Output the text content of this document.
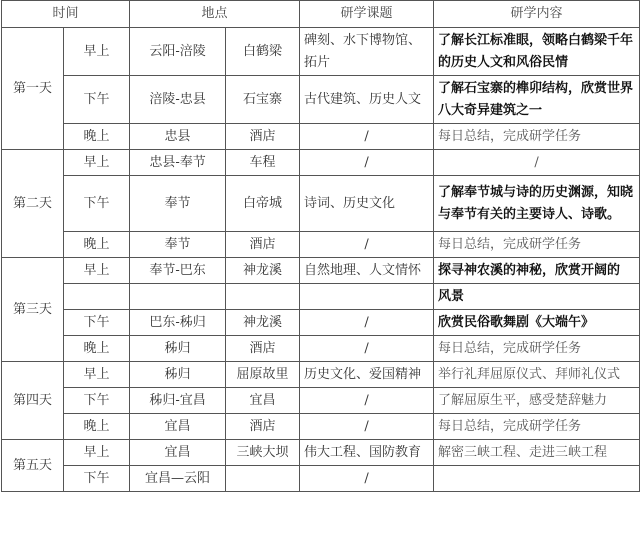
时间		地点		研学课题	研学内容
第一天	早上	云阳-涪陵	白鹤梁	碑刻、水下博物馆、拓片	了解长江标准眼，领略白鹤梁千年的历史人文和风俗民情
	下午	涪陵-忠县	石宝寨	古代建筑、历史人文	了解石宝寨的榫卯结构，欣赏世界八大奇异建筑之一
	晚上	忠县	酒店	/	每日总结，完成研学任务
第二天	早上	忠县-奉节	车程	/	/
	下午	奉节	白帝城	诗词、历史文化	了解奉节城与诗的历史渊源，知晓与奉节有关的主要诗人、诗歌。
	晚上	奉节	酒店	/	每日总结，完成研学任务
第三天	早上	奉节-巴东	神龙溪	自然地理、人文情怀	探寻神农溪的神秘，欣赏开阔的
					风景
	下午	巴东-秭归	神龙溪	/	欣赏民俗歌舞剧《大端午》
	晚上	秭归	酒店	/	每日总结，完成研学任务
第四天	早上	秭归	屈原故里	历史文化、爱国精神	举行礼拜屈原仪式、拜师礼仪式
	下午	秭归-宜昌	宜昌	/	了解屈原生平，感受楚辞魅力
	晚上	宜昌	酒店	/	每日总结，完成研学任务
第五天	早上	宜昌	三峡大坝	伟大工程、国防教育	解密三峡工程、走进三峡工程
	下午	宜昌—云阳		/	
